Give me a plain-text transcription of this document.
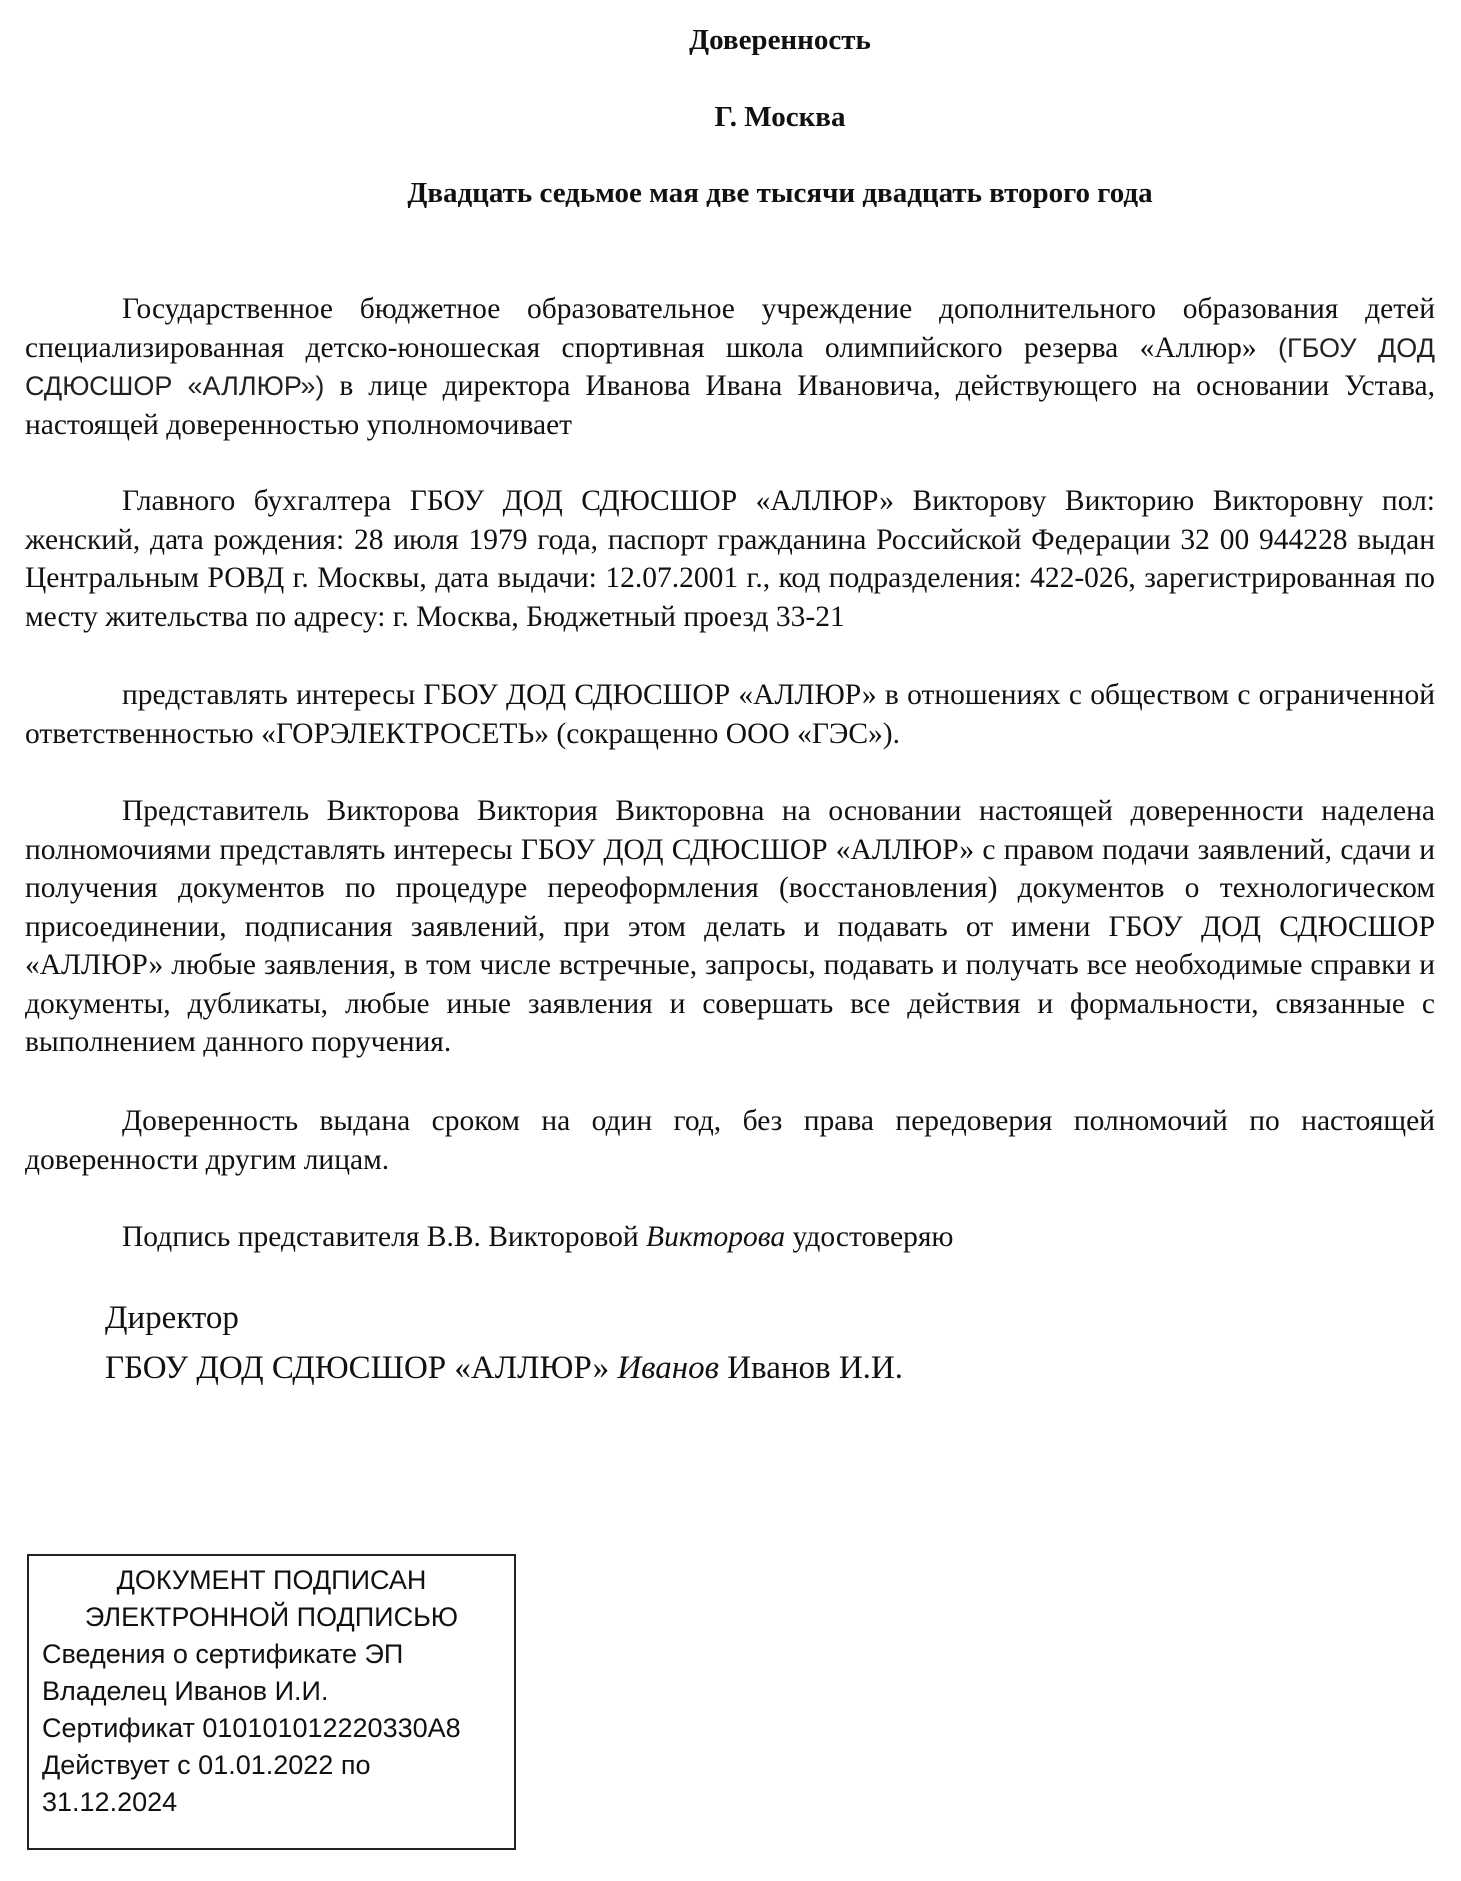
Доверенность

Г. Москва

Двадцать седьмое мая две тысячи двадцать второго года

Государственное бюджетное образовательное учреждение дополнительного образования детей специализированная детско-юношеская спортивная школа олимпийского резерва «Аллюр» (ГБОУ ДОД СДЮСШОР «АЛЛЮР») в лице директора Иванова Ивана Ивановича, действующего на основании Устава, настоящей доверенностью уполномочивает

Главного бухгалтера ГБОУ ДОД СДЮСШОР «АЛЛЮР» Викторову Викторию Викторовну пол: женский, дата рождения: 28 июля 1979 года, паспорт гражданина Российской Федерации 32 00 944228 выдан Центральным РОВД г. Москвы, дата выдачи: 12.07.2001 г., код подразделения: 422-026, зарегистрированная по месту жительства по адресу: г. Москва, Бюджетный проезд 33-21

представлять интересы ГБОУ ДОД СДЮСШОР «АЛЛЮР» в отношениях с обществом с ограниченной ответственностью «ГОРЭЛЕКТРОСЕТЬ» (сокращенно ООО «ГЭС»).

Представитель Викторова Виктория Викторовна на основании настоящей доверенности наделена полномочиями представлять интересы ГБОУ ДОД СДЮСШОР «АЛЛЮР» с правом подачи заявлений, сдачи и получения документов по процедуре переоформления (восстановления) документов о технологическом присоединении, подписания заявлений, при этом делать и подавать от имени ГБОУ ДОД СДЮСШОР «АЛЛЮР» любые заявления, в том числе встречные, запросы, подавать и получать все необходимые справки и документы, дубликаты, любые иные заявления и совершать все действия и формальности, связанные с выполнением данного поручения.

Доверенность выдана сроком на один год, без права передоверия полномочий по настоящей доверенности другим лицам.

Подпись представителя В.В. Викторовой Викторова удостоверяю

Директор

ГБОУ ДОД СДЮСШОР «АЛЛЮР» Иванов Иванов И.И.

ДОКУМЕНТ ПОДПИСАН

ЭЛЕКТРОННОЙ ПОДПИСЬЮ

Сведения о сертификате ЭП

Владелец Иванов И.И.

Сертификат 010101012220330A8

Действует с 01.01.2022 по

31.12.2024
